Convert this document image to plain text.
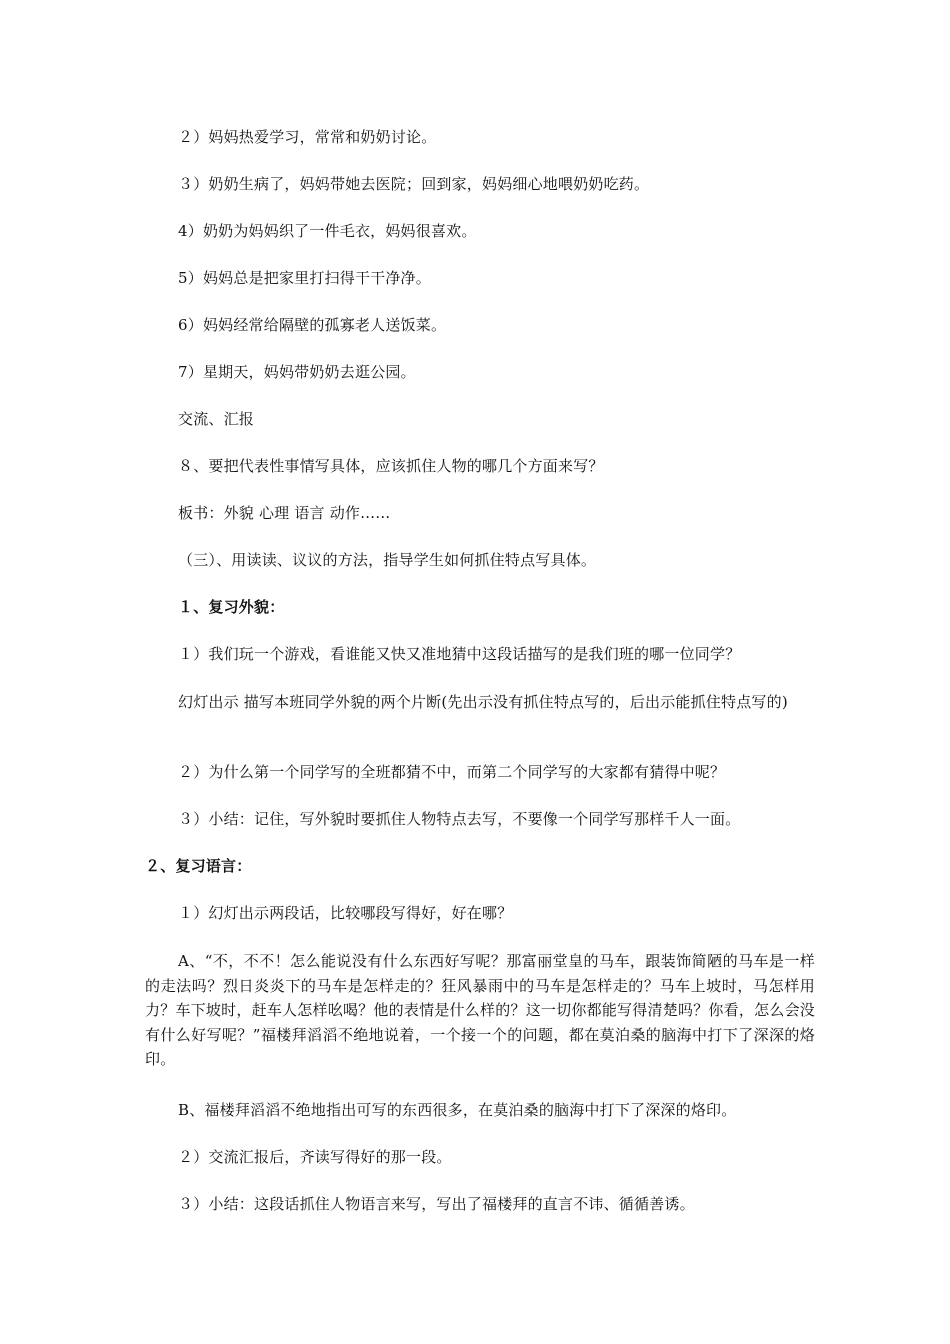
２）妈妈热爱学习，常常和奶奶讨论。
３）奶奶生病了，妈妈带她去医院；回到家，妈妈细心地喂奶奶吃药。
4）奶奶为妈妈织了一件毛衣，妈妈很喜欢。
5）妈妈总是把家里打扫得干干净净。
6）妈妈经常给隔壁的孤寡老人送饭菜。
7）星期天，妈妈带奶奶去逛公园。
交流、汇报
８、要把代表性事情写具体，应该抓住人物的哪几个方面来写？
板书：外貌 心理 语言 动作……
（三）、用读读、议议的方法，指导学生如何抓住特点写具体。
１、复习外貌：
１）我们玩一个游戏，看谁能又快又准地猜中这段话描写的是我们班的哪一位同学？
幻灯出示 描写本班同学外貌的两个片断(先出示没有抓住特点写的，后出示能抓住特点写的)
２）为什么第一个同学写的全班都猜不中，而第二个同学写的大家都有猜得中呢？
３）小结：记住，写外貌时要抓住人物特点去写，不要像一个同学写那样千人一面。
２、复习语言：
１）幻灯出示两段话，比较哪段写得好，好在哪？
A、“不，不不！怎么能说没有什么东西好写呢？那富丽堂皇的马车，跟装饰简陋的马车是一样的走法吗？烈日炎炎下的马车是怎样走的？狂风暴雨中的马车是怎样走的？马车上坡时，马怎样用力？车下坡时，赶车人怎样吆喝？他的表情是什么样的？这一切你都能写得清楚吗？你看，怎么会没有什么好写呢？”福楼拜滔滔不绝地说着，一个接一个的问题，都在莫泊桑的脑海中打下了深深的烙印。
B、福楼拜滔滔不绝地指出可写的东西很多，在莫泊桑的脑海中打下了深深的烙印。
２）交流汇报后，齐读写得好的那一段。
３）小结：这段话抓住人物语言来写，写出了福楼拜的直言不讳、循循善诱。
